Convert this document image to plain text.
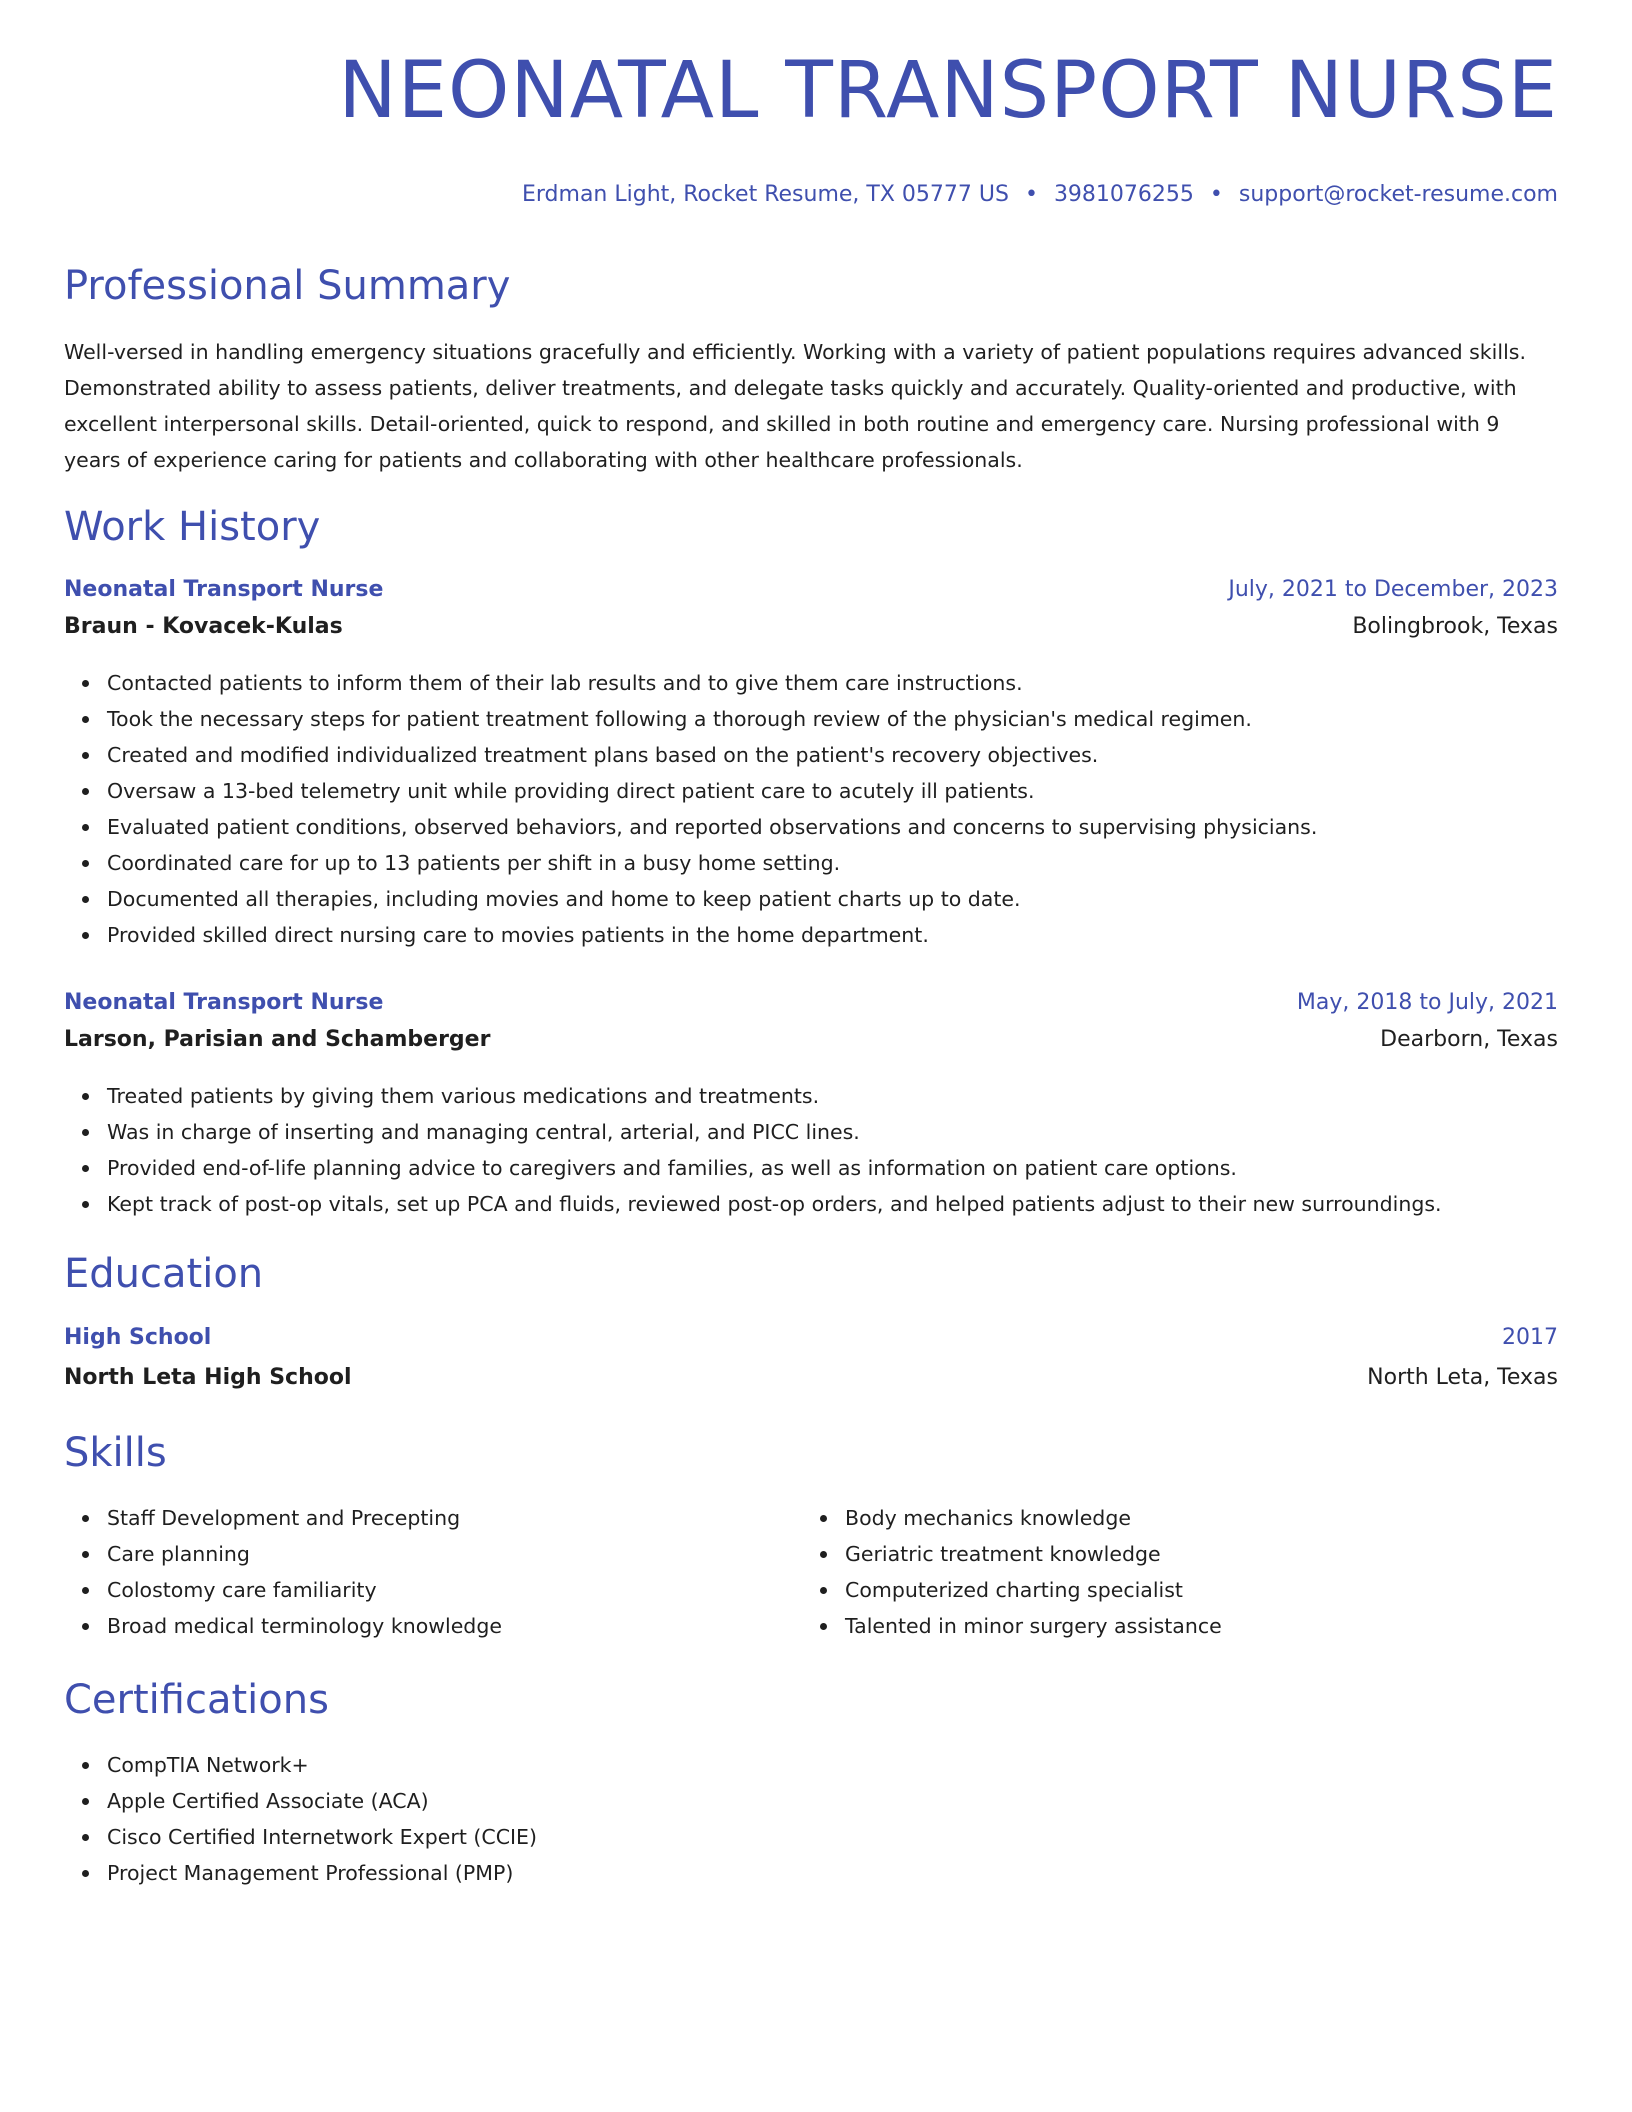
NEONATAL TRANSPORT NURSE
Erdman Light, Rocket Resume, TX 05777 US • 3981076255 • support@rocket-resume.com
Professional Summary
Well-versed in handling emergency situations gracefully and efficiently. Working with a variety of patient populations requires advanced skills. Demonstrated ability to assess patients, deliver treatments, and delegate tasks quickly and accurately. Quality-oriented and productive, with excellent interpersonal skills. Detail-oriented, quick to respond, and skilled in both routine and emergency care. Nursing professional with 9 years of experience caring for patients and collaborating with other healthcare professionals.
Work History
Neonatal Transport Nurse	July, 2021 to December, 2023
Braun - Kovacek-Kulas	Bolingbrook, Texas
Contacted patients to inform them of their lab results and to give them care instructions.
Took the necessary steps for patient treatment following a thorough review of the physician's medical regimen.
Created and modified individualized treatment plans based on the patient's recovery objectives.
Oversaw a 13-bed telemetry unit while providing direct patient care to acutely ill patients.
Evaluated patient conditions, observed behaviors, and reported observations and concerns to supervising physicians.
Coordinated care for up to 13 patients per shift in a busy home setting.
Documented all therapies, including movies and home to keep patient charts up to date.
Provided skilled direct nursing care to movies patients in the home department.
Neonatal Transport Nurse	May, 2018 to July, 2021
Larson, Parisian and Schamberger	Dearborn, Texas
Treated patients by giving them various medications and treatments.
Was in charge of inserting and managing central, arterial, and PICC lines.
Provided end-of-life planning advice to caregivers and families, as well as information on patient care options.
Kept track of post-op vitals, set up PCA and fluids, reviewed post-op orders, and helped patients adjust to their new surroundings.
Education
High School	2017
North Leta High School	North Leta, Texas
Skills
Staff Development and Precepting
Care planning
Colostomy care familiarity
Broad medical terminology knowledge
Body mechanics knowledge
Geriatric treatment knowledge
Computerized charting specialist
Talented in minor surgery assistance
Certifications
CompTIA Network+
Apple Certified Associate (ACA)
Cisco Certified Internetwork Expert (CCIE)
Project Management Professional (PMP)
